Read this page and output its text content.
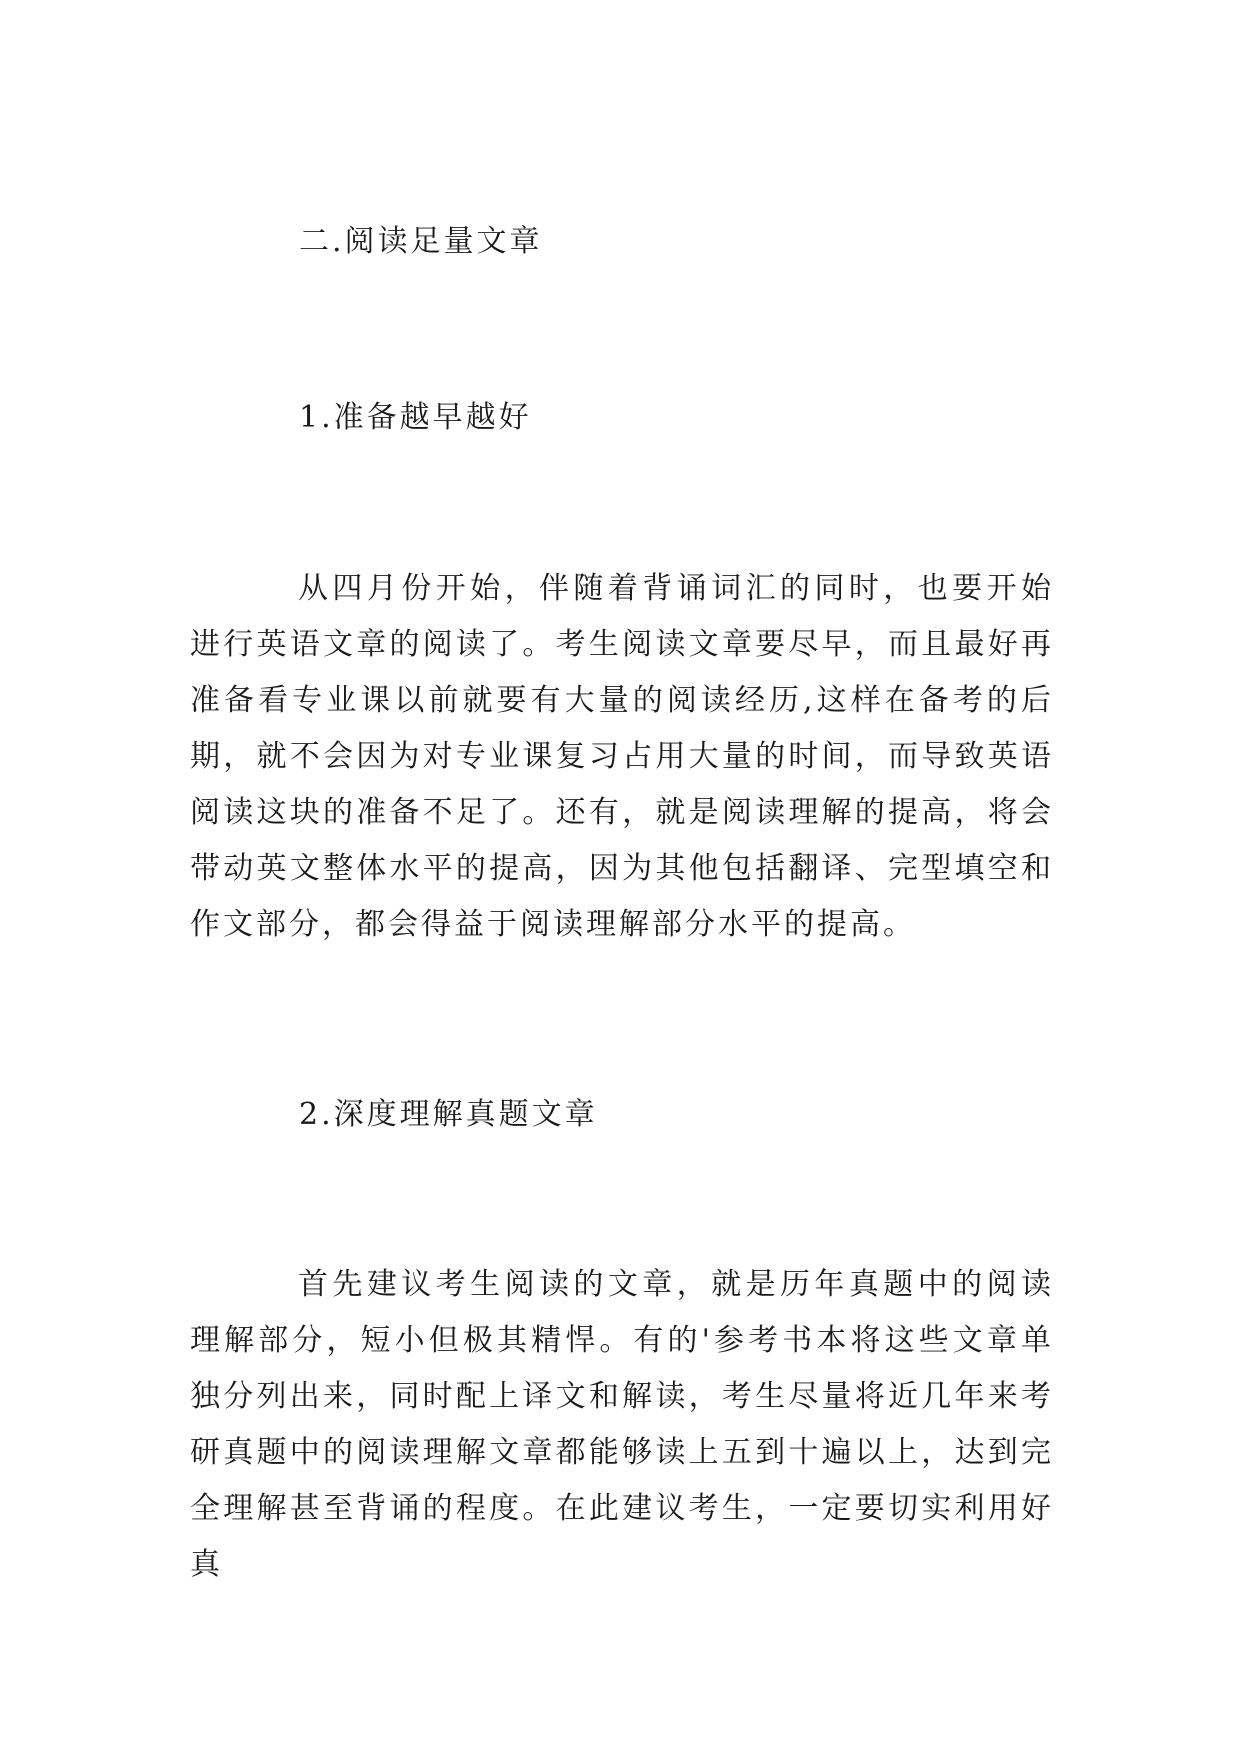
二.阅读足量文章
1.准备越早越好

从四月份开始，伴随着背诵词汇的同时，也要开始进行英语文章的阅读了。考生阅读文章要尽早，而且最好再准备看专业课以前就要有大量的阅读经历,这样在备考的后期，就不会因为对专业课复习占用大量的时间，而导致英语阅读这块的准备不足了。还有，就是阅读理解的提高，将会带动英文整体水平的提高，因为其他包括翻译、完型填空和作文部分，都会得益于阅读理解部分水平的提高。

2.深度理解真题文章

首先建议考生阅读的文章，就是历年真题中的阅读理解部分，短小但极其精悍。有的'参考书本将这些文章单独分列出来，同时配上译文和解读，考生尽量将近几年来考研真题中的阅读理解文章都能够读上五到十遍以上，达到完全理解甚至背诵的程度。在此建议考生，一定要切实利用好真
